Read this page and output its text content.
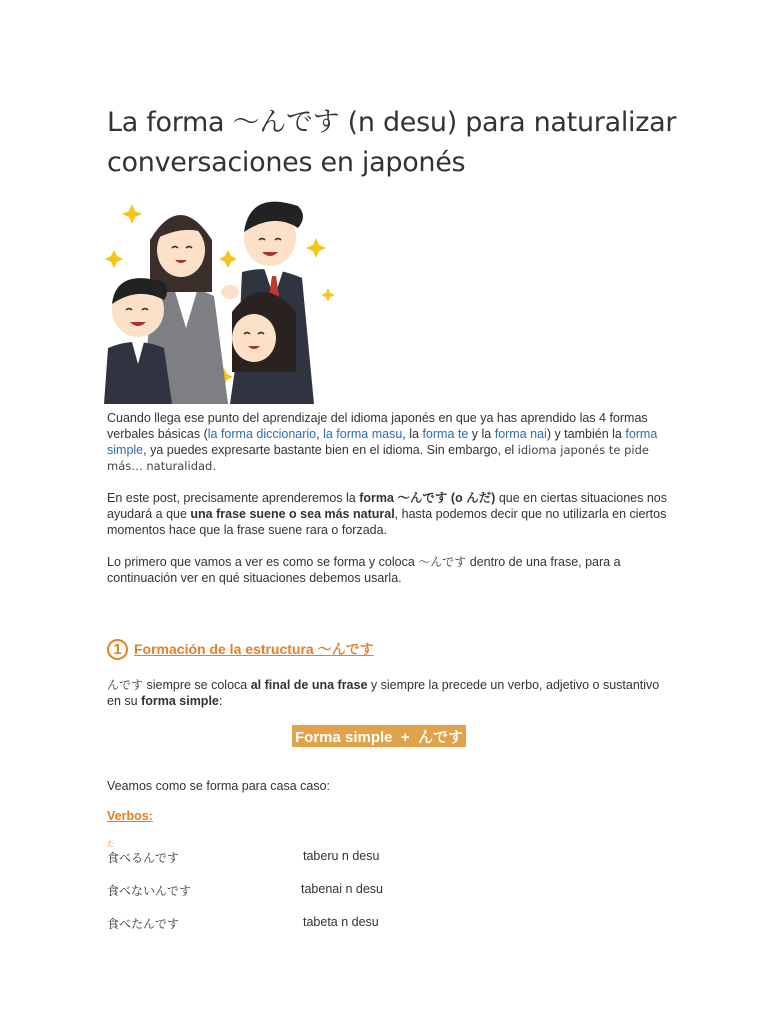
La forma 〜んです (n desu) para naturalizar conversaciones en japonés

Cuando llega ese punto del aprendizaje del idioma japonés en que ya has aprendido las 4 formas verbales básicas (la forma diccionario, la forma masu, la forma te y la forma nai) y también la forma simple, ya puedes expresarte bastante bien en el idioma. Sin embargo, el idioma japonés te pide más… naturalidad.

En este post, precisamente aprenderemos la forma 〜んです (o んだ) que en ciertas situaciones nos ayudará a que una frase suene o sea más natural, hasta podemos decir que no utilizarla en ciertos momentos hace que la frase suene rara o forzada.

Lo primero que vamos a ver es como se forma y coloca 〜んです dentro de una frase, para a continuación ver en qué situaciones debemos usarla.

1 Formación de la estructura 〜んです

んです siempre se coloca al final de una frase y siempre la precede un verbo, adjetivo o sustantivo en su forma simple:

Forma simple  +  んです

Veamos como se forma para casa caso:

Verbos:
た
食べるんです	taberu n desu
食べないんです	tabenai n desu
食べたんです	tabeta n desu
